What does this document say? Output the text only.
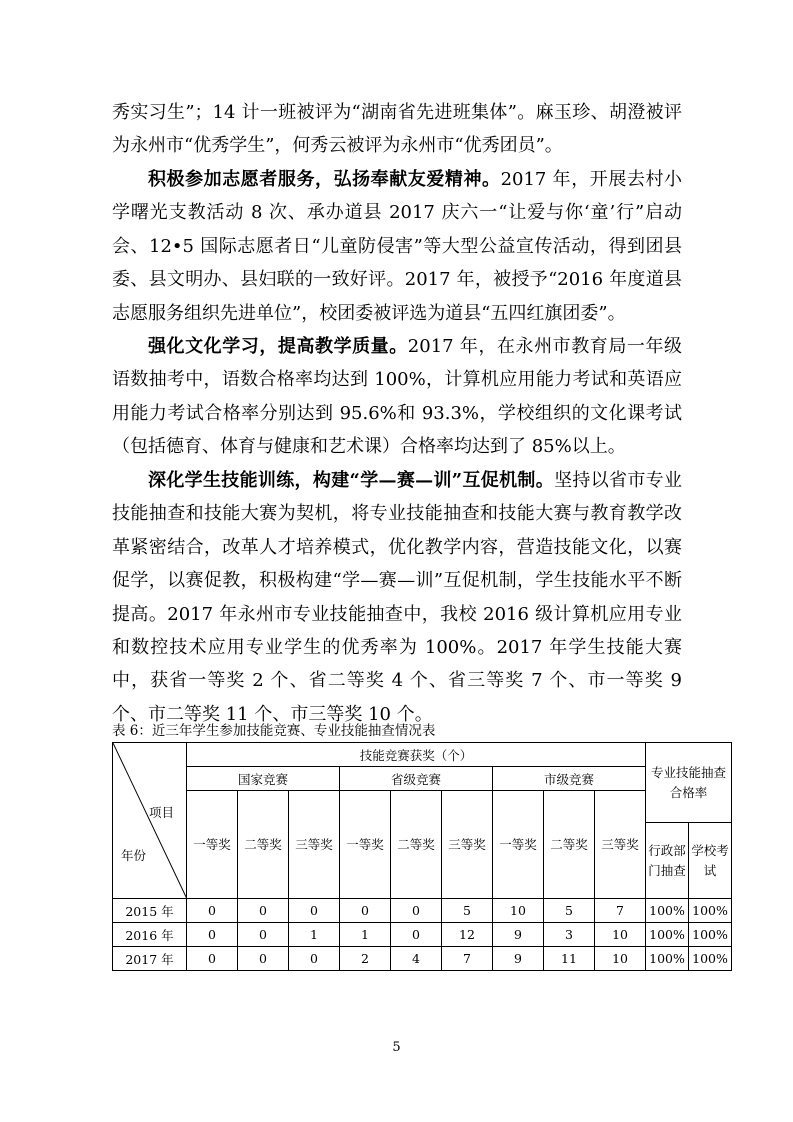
秀实习生”；14 计一班被评为“湖南省先进班集体”。麻玉珍、胡澄被评为永州市“优秀学生”，何秀云被评为永州市“优秀团员”。

积极参加志愿者服务，弘扬奉献友爱精神。2017 年，开展去村小学曙光支教活动 8 次、承办道县 2017 庆六一“让爱与你‘童’行”启动会、12•5 国际志愿者日“儿童防侵害”等大型公益宣传活动，得到团县委、县文明办、县妇联的一致好评。2017 年，被授予“2016 年度道县志愿服务组织先进单位”，校团委被评选为道县“五四红旗团委”。

强化文化学习，提高教学质量。2017 年，在永州市教育局一年级语数抽考中，语数合格率均达到 100%，计算机应用能力考试和英语应用能力考试合格率分别达到 95.6%和 93.3%，学校组织的文化课考试（包括德育、体育与健康和艺术课）合格率均达到了 85%以上。

深化学生技能训练，构建“学—赛—训”互促机制。坚持以省市专业技能抽查和技能大赛为契机，将专业技能抽查和技能大赛与教育教学改革紧密结合，改革人才培养模式，优化教学内容，营造技能文化，以赛促学，以赛促教，积极构建“学—赛—训”互促机制，学生技能水平不断提高。2017 年永州市专业技能抽查中，我校 2016 级计算机应用专业和数控技术应用专业学生的优秀率为 100%。2017 年学生技能大赛中，获省一等奖 2 个、省二等奖 4 个、省三等奖 7 个、市一等奖 9 个、市二等奖 11 个、市三等奖 10 个。

表 6：近三年学生参加技能竞赛、专业技能抽查情况表
项目
年份	技能竞赛获奖（个）									专业技能抽查合格率	
	国家竞赛			省级竞赛			市级竞赛				
	一等奖	二等奖	三等奖	一等奖	二等奖	三等奖	一等奖	二等奖	三等奖		
										行政部门抽查	学校考试
2015 年	0	0	0	0	0	5	10	5	7	100%	100%
2016 年	0	0	1	1	0	12	9	3	10	100%	100%
2017 年	0	0	0	2	4	7	9	11	10	100%	100%
5
